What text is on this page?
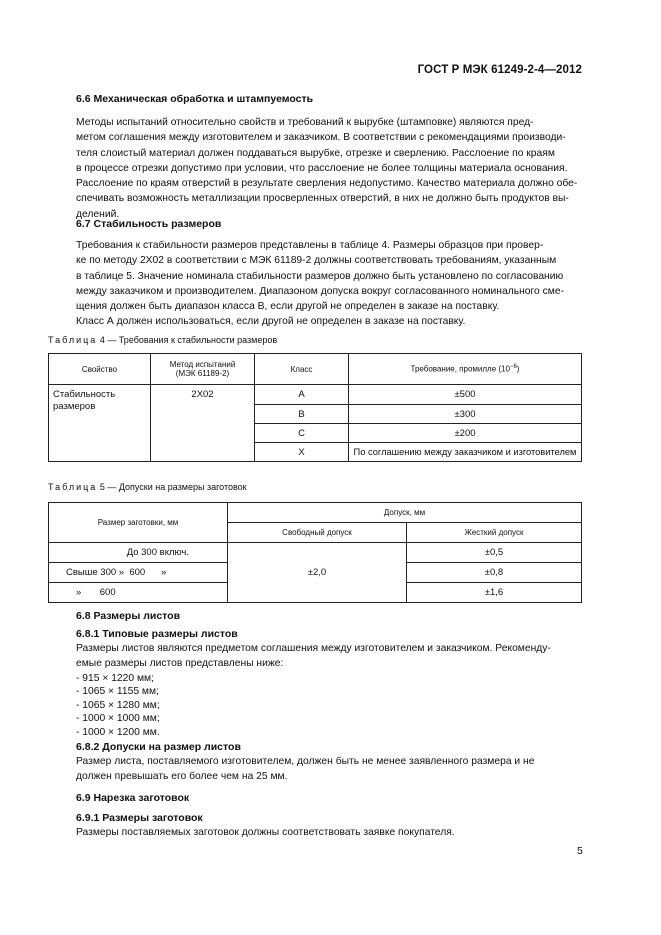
ГОСТ Р МЭК 61249-2-4—2012

6.6 Механическая обработка и штампуемость

Методы испытаний относительно свойств и требований к вырубке (штамповке) являются пред-

метом соглашения между изготовителем и заказчиком. В соответствии с рекомендациями производи-

теля слоистый материал должен поддаваться вырубке, отрезке и сверлению. Расслоение по краям

в процессе отрезки допустимо при условии, что расслоение не более толщины материала основания.

Расслоение по краям отверстий в результате сверления недопустимо. Качество материала должно обе-

спечивать возможность металлизации просверленных отверстий, в них не должно быть продуктов вы-

делений.

6.7 Стабильность размеров

Требования к стабильности размеров представлены в таблице 4. Размеры образцов при провер-

ке по методу 2X02 в соответствии с МЭК 61189-2 должны соответствовать требованиям, указанным

в таблице 5. Значение номинала стабильности размеров должно быть установлено по согласованию

между заказчиком и производителем. Диапазоном допуска вокруг согласованного номинального сме-

щения должен быть диапазон класса В, если другой не определен в заказе на поставку.

Класс А должен использоваться, если другой не определен в заказе на поставку.

Таблица 4 — Требования к стабильности размеров
Свойство	Метод испытаний
(МЭК 61189-2)	Класс	Требование, промилле $(10^{-6})$

Стабильность
размеров	2X02	A	±500
		B	±300
		C	±200
		X	По соглашению между заказчиком и изготовителем
Таблица 5 — Допуски на размеры заготовок
Размер заготовки, мм	Допуск, мм	
	Свободный допуск	Жесткий допуск
До 300 включ.	±2,0	±0,5
Свыше 300 »  600      »		±0,8
»       600		±1,6

6.8 Размеры листов

6.8.1 Типовые размеры листов

Размеры листов являются предметом соглашения между изготовителем и заказчиком. Рекоменду-

емые размеры листов представлены ниже:

- 915 × 1220 мм;
- 1065 × 1155 мм;
- 1065 × 1280 мм;
- 1000 × 1000 мм;
- 1000 × 1200 мм.

6.8.2 Допуски на размер листов

Размер листа, поставляемого изготовителем, должен быть не менее заявленного размера и не

должен превышать его более чем на 25 мм.

6.9 Нарезка заготовок

6.9.1 Размеры заготовок

Размеры поставляемых заготовок должны соответствовать заявке покупателя.

5
